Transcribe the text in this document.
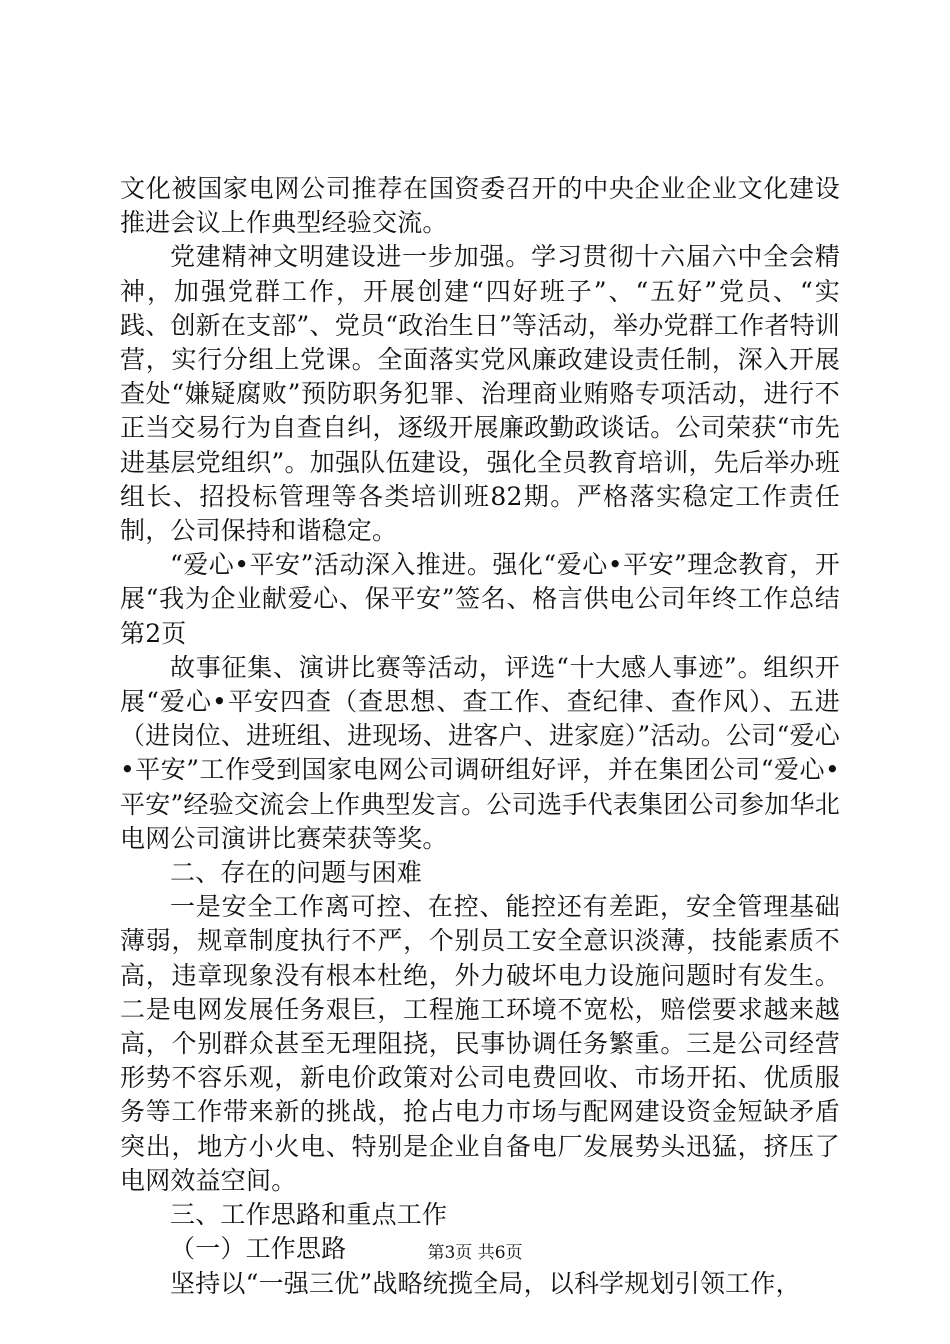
文化被国家电网公司推荐在国资委召开的中央企业企业文化建设推进会议上作典型经验交流。

党建精神文明建设进一步加强。学习贯彻十六届六中全会精神，加强党群工作，开展创建“四好班子”、“五好”党员、“实践、创新在支部”、党员“政治生日”等活动，举办党群工作者特训营，实行分组上党课。全面落实党风廉政建设责任制，深入开展查处“嫌疑腐败”预防职务犯罪、治理商业贿赂专项活动，进行不正当交易行为自查自纠，逐级开展廉政勤政谈话。公司荣获“市先进基层党组织”。加强队伍建设，强化全员教育培训，先后举办班组长、招投标管理等各类培训班82期。严格落实稳定工作责任制，公司保持和谐稳定。

“爱心•平安”活动深入推进。强化“爱心•平安”理念教育，开展“我为企业献爱心、保平安”签名、格言供电公司年终工作总结第2页

故事征集、演讲比赛等活动，评选“十大感人事迹”。组织开展“爱心•平安四查（查思想、查工作、查纪律、查作风）、五进（进岗位、进班组、进现场、进客户、进家庭）”活动。公司“爱心•平安”工作受到国家电网公司调研组好评，并在集团公司“爱心•平安”经验交流会上作典型发言。公司选手代表集团公司参加华北电网公司演讲比赛荣获等奖。

二、存在的问题与困难

一是安全工作离可控、在控、能控还有差距，安全管理基础薄弱，规章制度执行不严，个别员工安全意识淡薄，技能素质不高，违章现象没有根本杜绝，外力破坏电力设施问题时有发生。二是电网发展任务艰巨，工程施工环境不宽松，赔偿要求越来越高，个别群众甚至无理阻挠，民事协调任务繁重。三是公司经营形势不容乐观，新电价政策对公司电费回收、市场开拓、优质服务等工作带来新的挑战，抢占电力市场与配网建设资金短缺矛盾突出，地方小火电、特别是企业自备电厂发展势头迅猛，挤压了电网效益空间。

三、工作思路和重点工作

（一）工作思路

坚持以“一强三优”战略统揽全局，以科学规划引领工作，

第3页 共6页
